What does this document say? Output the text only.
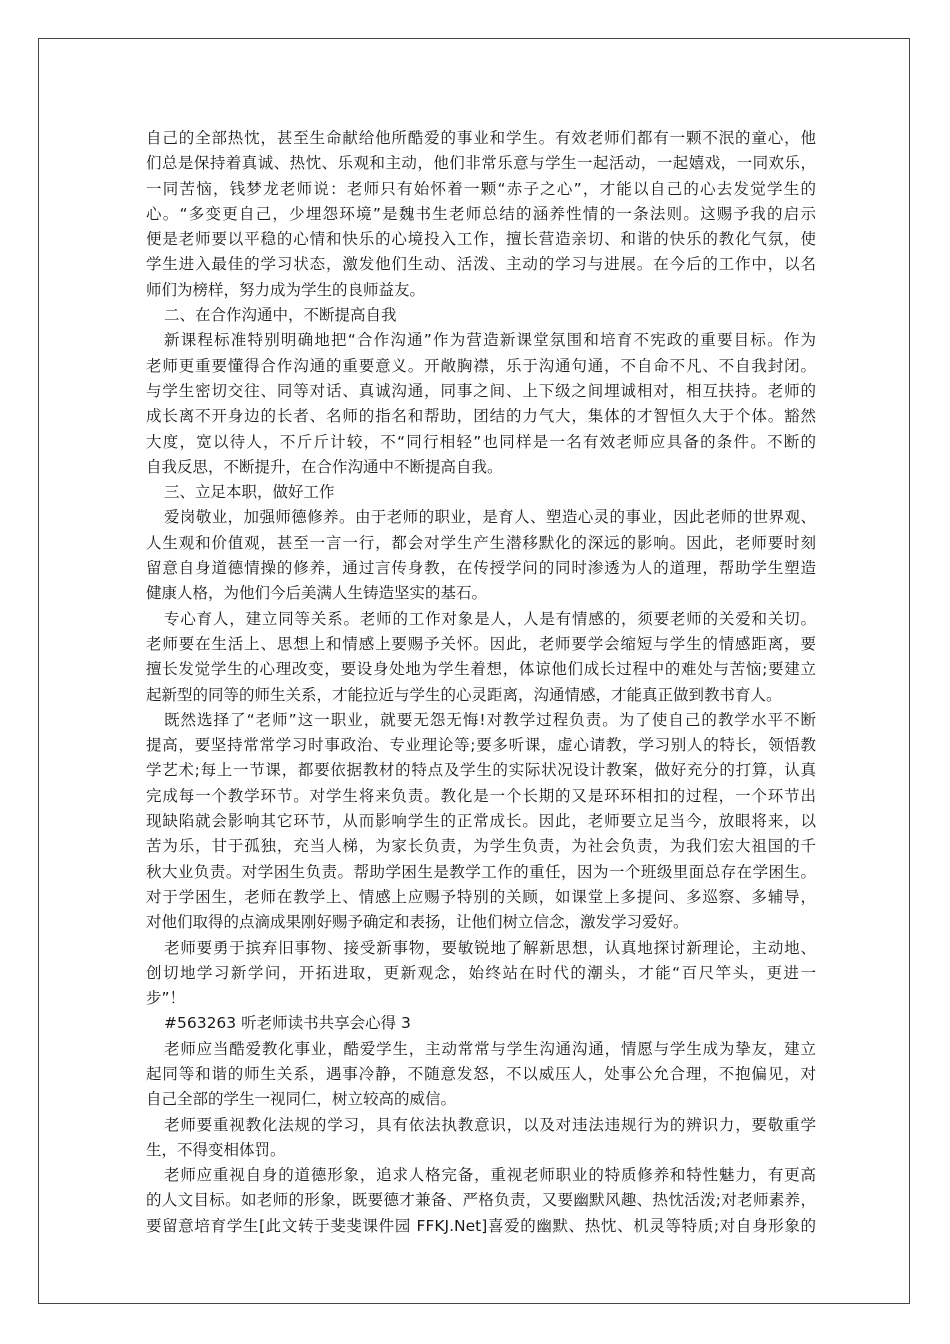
自己的全部热忱，甚至生命献给他所酷爱的事业和学生。有效老师们都有一颗不泯的童心，他
们总是保持着真诚、热忱、乐观和主动，他们非常乐意与学生一起活动，一起嬉戏，一同欢乐，
一同苦恼，钱梦龙老师说：老师只有始怀着一颗“赤子之心”，才能以自己的心去发觉学生的
心。“多变更自己，少埋怨环境”是魏书生老师总结的涵养性情的一条法则。这赐予我的启示
便是老师要以平稳的心情和快乐的心境投入工作，擅长营造亲切、和谐的快乐的教化气氛，使
学生进入最佳的学习状态，激发他们生动、活泼、主动的学习与进展。在今后的工作中，以名
师们为榜样，努力成为学生的良师益友。
二、在合作沟通中，不断提高自我
新课程标准特别明确地把“合作沟通”作为营造新课堂氛围和培育不宪政的重要目标。作为
老师更重要懂得合作沟通的重要意义。开敞胸襟，乐于沟通句通，不自命不凡、不自我封闭。
与学生密切交往、同等对话、真诚沟通，同事之间、上下级之间埋诚相对，相互扶持。老师的
成长离不开身边的长者、名师的指名和帮助，团结的力气大，集体的才智恒久大于个体。豁然
大度，宽以待人，不斤斤计较，不“同行相轻”也同样是一名有效老师应具备的条件。不断的
自我反思，不断提升，在合作沟通中不断提高自我。
三、立足本职，做好工作
爱岗敬业，加强师德修养。由于老师的职业，是育人、塑造心灵的事业，因此老师的世界观、
人生观和价值观，甚至一言一行，都会对学生产生潜移默化的深远的影响。因此，老师要时刻
留意自身道德情操的修养，通过言传身教，在传授学问的同时渗透为人的道理，帮助学生塑造
健康人格，为他们今后美满人生铸造坚实的基石。
专心育人，建立同等关系。老师的工作对象是人，人是有情感的，须要老师的关爱和关切。
老师要在生活上、思想上和情感上要赐予关怀。因此，老师要学会缩短与学生的情感距离，要
擅长发觉学生的心理改变，要设身处地为学生着想，体谅他们成长过程中的难处与苦恼;要建立
起新型的同等的师生关系，才能拉近与学生的心灵距离，沟通情感，才能真正做到教书育人。
既然选择了“老师”这一职业，就要无怨无悔!对教学过程负责。为了使自己的教学水平不断
提高，要坚持常常学习时事政治、专业理论等;要多听课，虚心请教，学习别人的特长，领悟教
学艺术;每上一节课，都要依据教材的特点及学生的实际状况设计教案，做好充分的打算，认真
完成每一个教学环节。对学生将来负责。教化是一个长期的又是环环相扣的过程，一个环节出
现缺陷就会影响其它环节，从而影响学生的正常成长。因此，老师要立足当今，放眼将来，以
苦为乐，甘于孤独，充当人梯，为家长负责，为学生负责，为社会负责，为我们宏大祖国的千
秋大业负责。对学困生负责。帮助学困生是教学工作的重任，因为一个班级里面总存在学困生。
对于学困生，老师在教学上、情感上应赐予特别的关顾，如课堂上多提问、多巡察、多辅导，
对他们取得的点滴成果刚好赐予确定和表扬，让他们树立信念，激发学习爱好。
老师要勇于摈弃旧事物、接受新事物，要敏锐地了解新思想，认真地探讨新理论，主动地、
创切地学习新学问，开拓进取，更新观念，始终站在时代的潮头，才能“百尺竿头，更进一
步”！
#563263 听老师读书共享会心得 3
老师应当酷爱教化事业，酷爱学生，主动常常与学生沟通沟通，情愿与学生成为挚友，建立
起同等和谐的师生关系，遇事冷静，不随意发怒，不以威压人，处事公允合理，不抱偏见，对
自己全部的学生一视同仁，树立较高的威信。
老师要重视教化法规的学习，具有依法执教意识，以及对违法违规行为的辨识力，要敬重学
生，不得变相体罚。
老师应重视自身的道德形象，追求人格完备，重视老师职业的特质修养和特性魅力，有更高
的人文目标。如老师的形象，既要德才兼备、严格负责，又要幽默风趣、热忱活泼;对老师素养，
要留意培育学生[此文转于斐斐课件园 FFKJ.Net]喜爱的幽默、热忱、机灵等特质;对自身形象的
